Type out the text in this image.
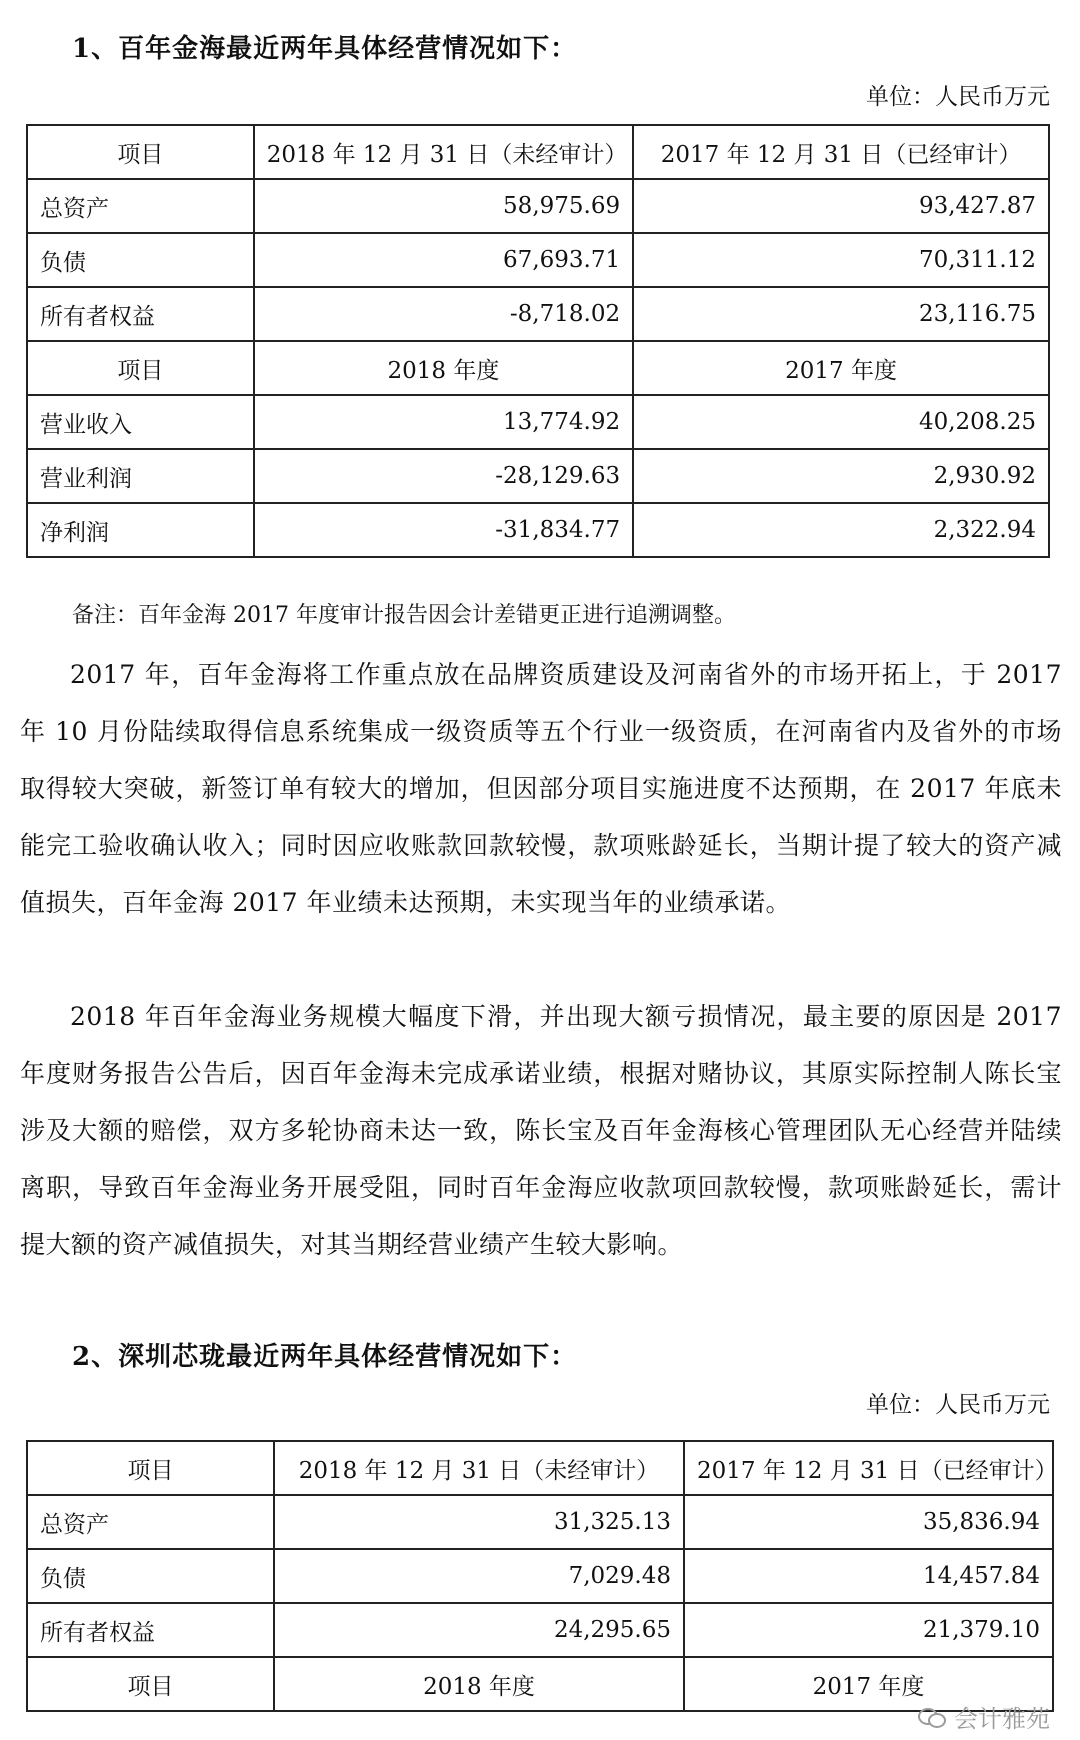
1、百年金海最近两年具体经营情况如下：
单位：人民币万元
项目	2018 年 12 月 31 日（未经审计）	2017 年 12 月 31 日（已经审计）
总资产	58,975.69	93,427.87
负债	67,693.71	70,311.12
所有者权益	-8,718.02	23,116.75
项目	2018 年度	2017 年度
营业收入	13,774.92	40,208.25
营业利润	-28,129.63	2,930.92
净利润	-31,834.77	2,322.94
备注：百年金海 2017 年度审计报告因会计差错更正进行追溯调整。

2017 年，百年金海将工作重点放在品牌资质建设及河南省外的市场开拓上，于 2017 年 10 月份陆续取得信息系统集成一级资质等五个行业一级资质，在河南省内及省外的市场取得较大突破，新签订单有较大的增加，但因部分项目实施进度不达预期，在 2017 年底未能完工验收确认收入；同时因应收账款回款较慢，款项账龄延长，当期计提了较大的资产减值损失，百年金海 2017 年业绩未达预期，未实现当年的业绩承诺。

2018 年百年金海业务规模大幅度下滑，并出现大额亏损情况，最主要的原因是 2017 年度财务报告公告后，因百年金海未完成承诺业绩，根据对赌协议，其原实际控制人陈长宝涉及大额的赔偿，双方多轮协商未达一致，陈长宝及百年金海核心管理团队无心经营并陆续离职，导致百年金海业务开展受阻，同时百年金海应收款项回款较慢，款项账龄延长，需计提大额的资产减值损失，对其当期经营业绩产生较大影响。

2、深圳芯珑最近两年具体经营情况如下：
单位：人民币万元
项目	2018 年 12 月 31 日（未经审计）	2017 年 12 月 31 日（已经审计）
总资产	31,325.13	35,836.94
负债	7,029.48	14,457.84
所有者权益	24,295.65	21,379.10
项目	2018 年度	2017 年度
会计雅苑
